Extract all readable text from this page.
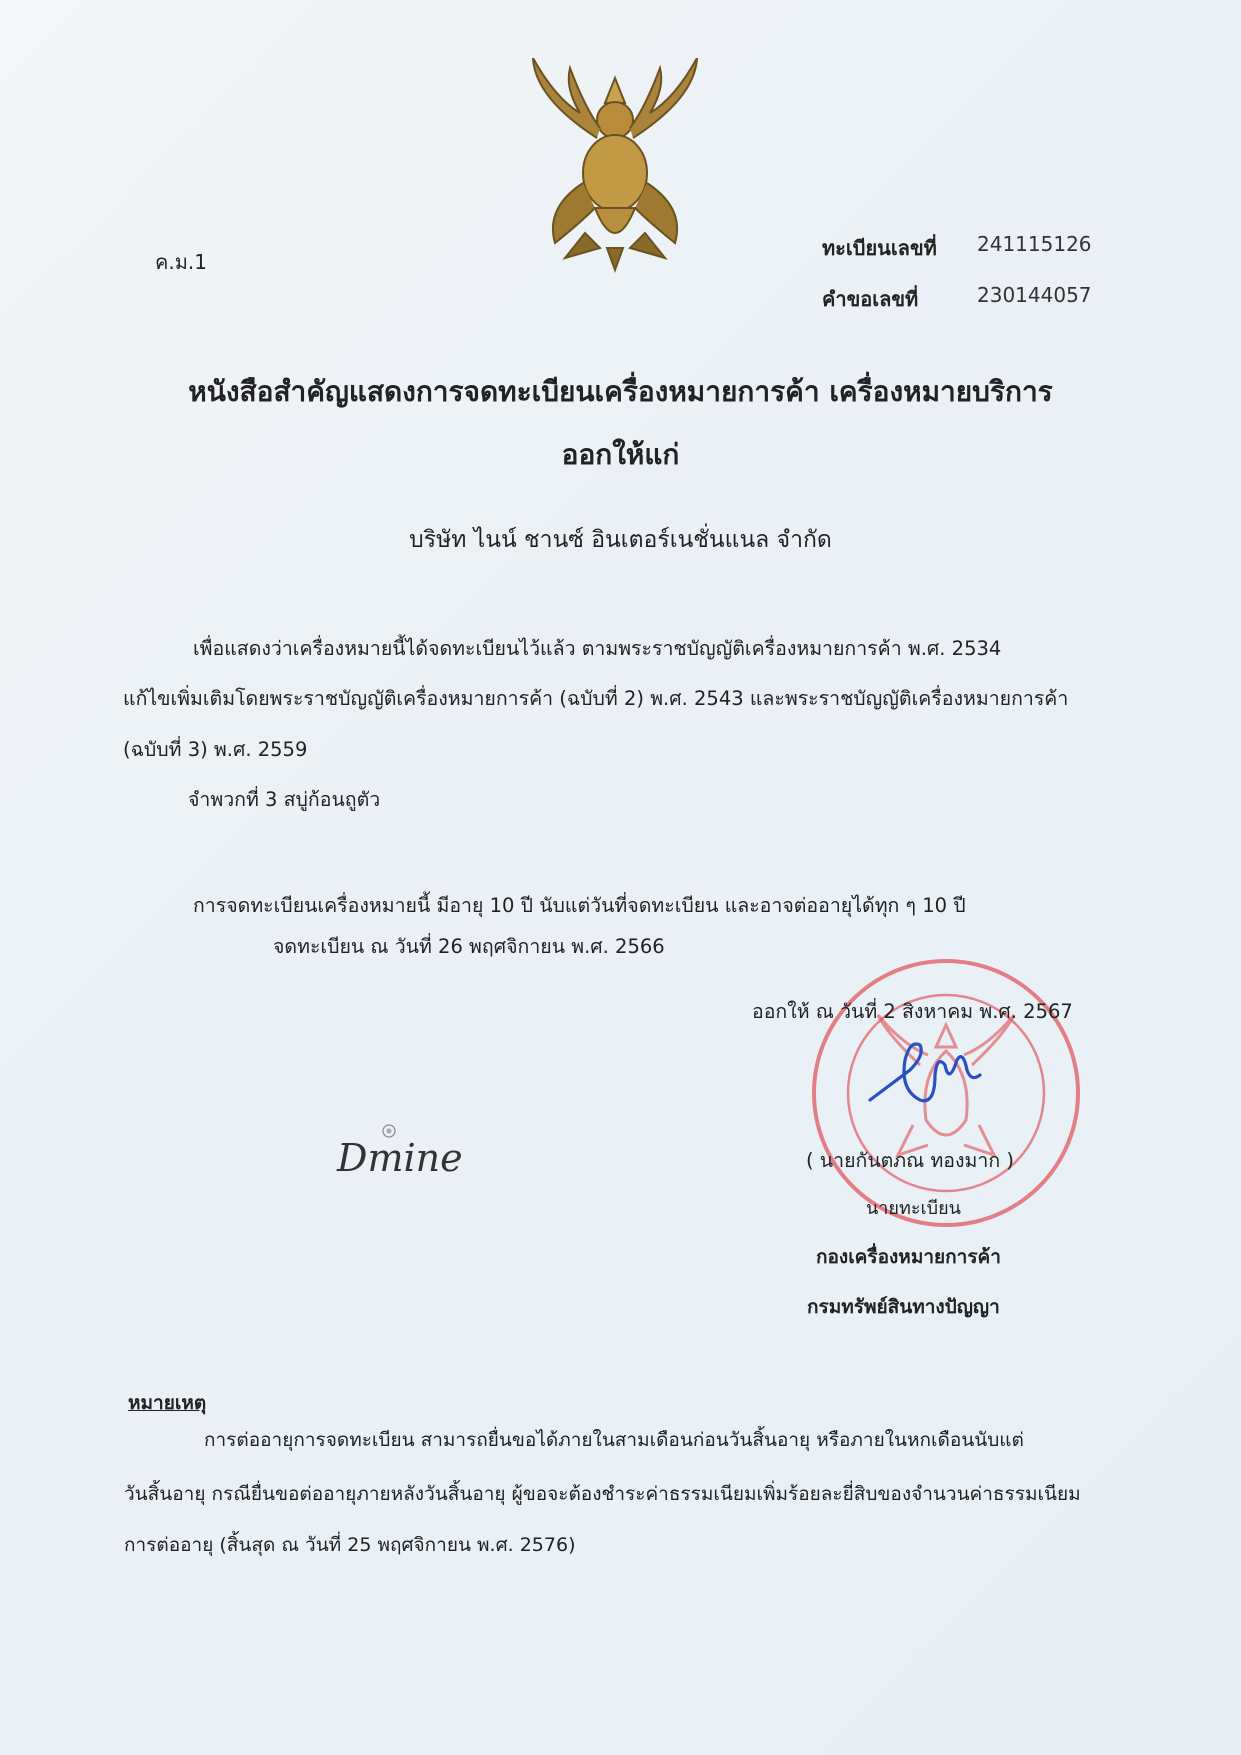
ค.ม.1
ทะเบียนเลขที่ 241115126
คำขอเลขที่	230144057
หนังสือสำคัญแสดงการจดทะเบียนเครื่องหมายการค้า เครื่องหมายบริการ
ออกให้แก่
บริษัท ไนน์ ชานซ์ อินเตอร์เนชั่นแนล จำกัด
เพื่อแสดงว่าเครื่องหมายนี้ได้จดทะเบียนไว้แล้ว ตามพระราชบัญญัติเครื่องหมายการค้า พ.ศ. 2534
แก้ไขเพิ่มเติมโดยพระราชบัญญัติเครื่องหมายการค้า (ฉบับที่ 2) พ.ศ. 2543 และพระราชบัญญัติเครื่องหมายการค้า
(ฉบับที่ 3) พ.ศ. 2559
จำพวกที่ 3 สบู่ก้อนถูตัว
การจดทะเบียนเครื่องหมายนี้ มีอายุ 10 ปี นับแต่วันที่จดทะเบียน และอาจต่ออายุได้ทุก ๆ 10 ปี
จดทะเบียน ณ วันที่ 26 พฤศจิกายน พ.ศ. 2566
กรมทรัพย์สินทาง DEPARTMENT OF INTELLECTUAL PROPERTY
ออกให้ ณ วันที่ 2 สิงหาคม พ.ศ. 2567
Dmine	( นายกันตภณ ทองมาก )
นายทะเบียน
กองเครื่องหมายการค้า
กรมทรัพย์สินทางปัญญา
หมายเหตุ
การต่ออายุการจดทะเบียน สามารถยื่นขอได้ภายในสามเดือนก่อนวันสิ้นอายุ หรือภายในหกเดือนนับแต่
วันสิ้นอายุ กรณียื่นขอต่ออายุภายหลังวันสิ้นอายุ ผู้ขอจะต้องชำระค่าธรรมเนียมเพิ่มร้อยละยี่สิบของจำนวนค่าธรรมเนียม
การต่ออายุ (สิ้นสุด ณ วันที่ 25 พฤศจิกายน พ.ศ. 2576)
